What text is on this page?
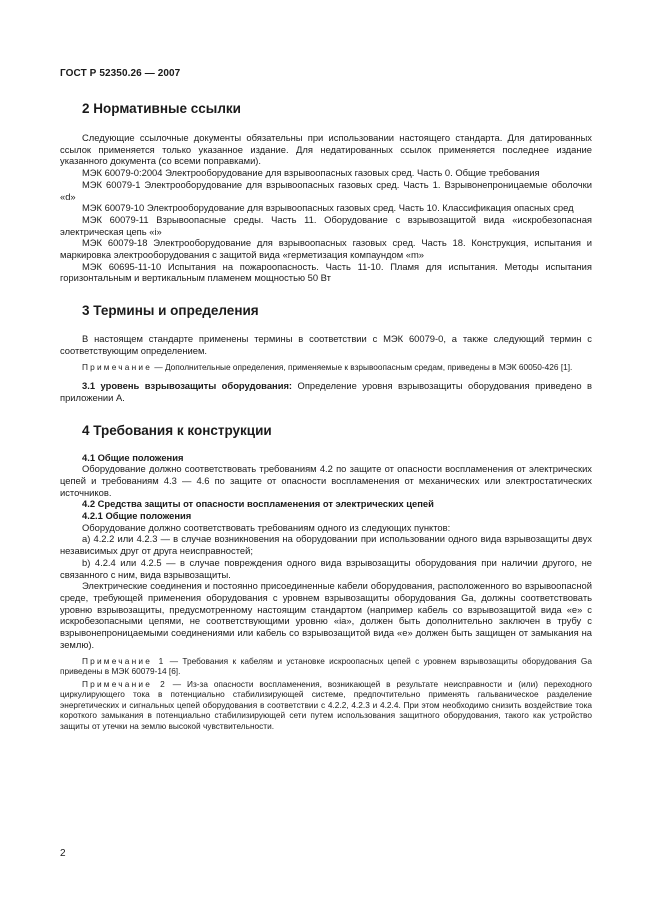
ГОСТ Р 52350.26 — 2007
2 Нормативные ссылки

Следующие ссылочные документы обязательны при использовании настоящего стандарта. Для датированных ссылок применяется только указанное издание. Для недатированных ссылок применяется последнее издание указанного документа (со всеми поправками).

МЭК 60079-0:2004 Электрооборудование для взрывоопасных газовых сред. Часть 0. Общие требования

МЭК 60079-1 Электрооборудование для взрывоопасных газовых сред. Часть 1. Взрывонепроницаемые оболочки «d»

МЭК 60079-10 Электрооборудование для взрывоопасных газовых сред. Часть 10. Классификация опасных сред

МЭК 60079-11 Взрывоопасные среды. Часть 11. Оборудование с взрывозащитой вида «искробезопасная электрическая цепь «i»

МЭК 60079-18 Электрооборудование для взрывоопасных газовых сред. Часть 18. Конструкция, испытания и маркировка электрооборудования с защитой вида «герметизация компаундом «m»

МЭК 60695-11-10 Испытания на пожароопасность. Часть 11-10. Пламя для испытания. Методы испытания горизонтальным и вертикальным пламенем мощностью 50 Вт

3 Термины и определения

В настоящем стандарте применены термины в соответствии с МЭК 60079-0, а также следующий термин с соответствующим определением.

Примечание — Дополнительные определения, применяемые к взрывоопасным средам, приведены в МЭК 60050-426 [1].

3.1 уровень взрывозащиты оборудования: Определение уровня взрывозащиты оборудования приведено в приложении А.

4 Требования к конструкции

4.1 Общие положения

Оборудование должно соответствовать требованиям 4.2 по защите от опасности воспламенения от электрических цепей и требованиям 4.3 — 4.6 по защите от опасности воспламенения от механических или электростатических источников.

4.2 Средства защиты от опасности воспламенения от электрических цепей

4.2.1 Общие положения

Оборудование должно соответствовать требованиям одного из следующих пунктов:

а) 4.2.2 или 4.2.3 — в случае возникновения на оборудовании при использовании одного вида взрывозащиты двух независимых друг от друга неисправностей;

b) 4.2.4 или 4.2.5 — в случае повреждения одного вида взрывозащиты оборудования при наличии другого, не связанного с ним, вида взрывозащиты.

Электрические соединения и постоянно присоединенные кабели оборудования, расположенного во взрывоопасной среде, требующей применения оборудования с уровнем взрывозащиты оборудования Ga, должны соответствовать уровню взрывозащиты, предусмотренному настоящим стандартом (например кабель со взрывозащитой вида «е» с искробезопасными цепями, не соответствующими уровню «ia», должен быть дополнительно заключен в трубу с взрывонепроницаемыми соединениями или кабель со взрывозащитой вида «е» должен быть защищен от замыкания на землю).

Примечание 1 — Требования к кабелям и установке искроопасных цепей с уровнем взрывозащиты оборудования Ga приведены в МЭК 60079-14 [6].

Примечание 2 — Из-за опасности воспламенения, возникающей в результате неисправности и (или) переходного циркулирующего тока в потенциально стабилизирующей системе, предпочтительно применять гальваническое разделение энергетических и сигнальных цепей оборудования в соответствии с 4.2.2, 4.2.3 и 4.2.4. При этом необходимо снизить воздействие тока короткого замыкания в потенциально стабилизирующей сети путем использования защитного оборудования, такого как устройство защиты от утечки на землю высокой чувствительности.

2
